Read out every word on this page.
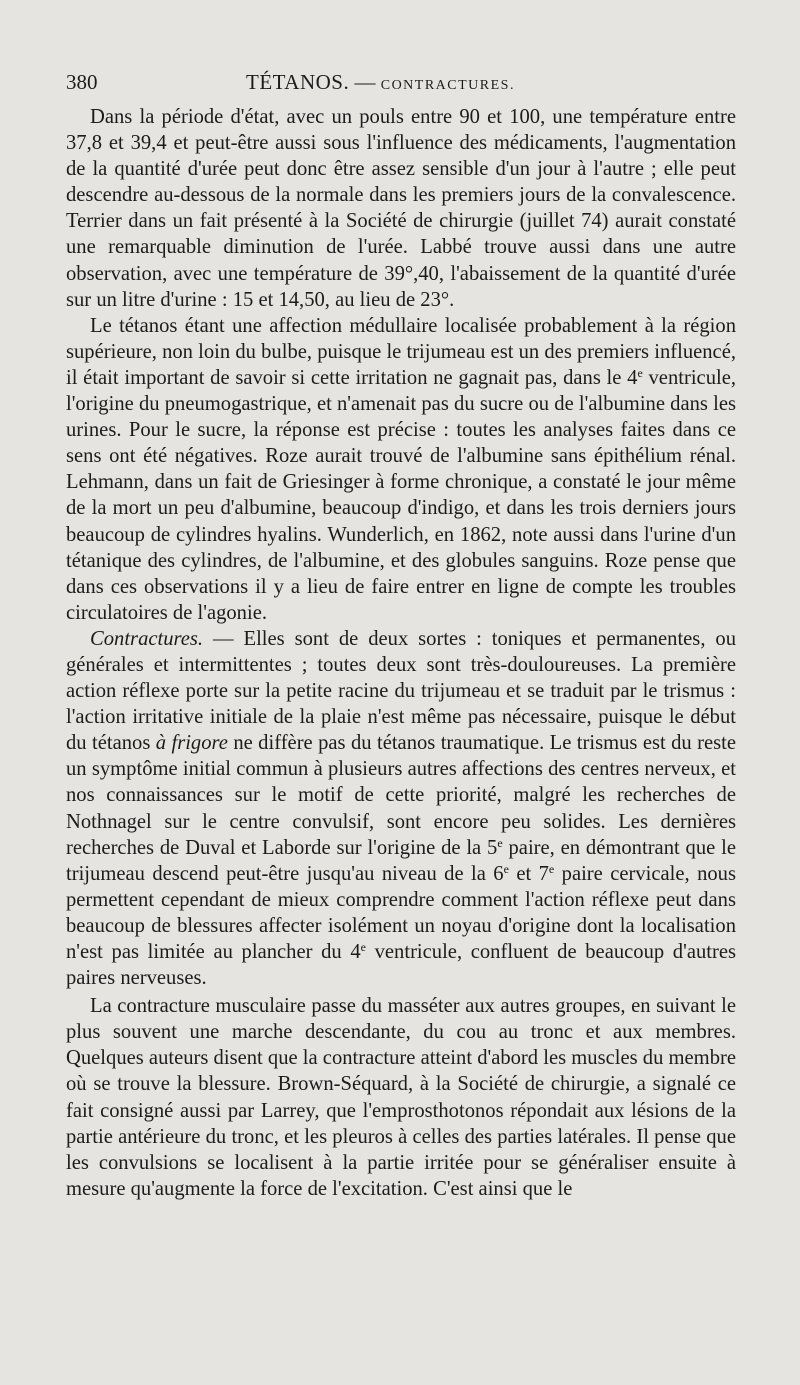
380	TÉTANOS. — CONTRACTURES.

Dans la période d'état, avec un pouls entre 90 et 100, une température entre 37,8 et 39,4 et peut-être aussi sous l'influence des médicaments, l'augmentation de la quantité d'urée peut donc être assez sensible d'un jour à l'autre ; elle peut descendre au-dessous de la normale dans les premiers jours de la convalescence. Terrier dans un fait présenté à la Société de chirurgie (juillet 74) aurait constaté une remarquable diminution de l'urée. Labbé trouve aussi dans une autre observation, avec une température de 39°,40, l'abaissement de la quantité d'urée sur un litre d'urine : 15 et 14,50, au lieu de 23°.

Le tétanos étant une affection médullaire localisée probablement à la région supérieure, non loin du bulbe, puisque le trijumeau est un des premiers influencé, il était important de savoir si cette irritation ne gagnait pas, dans le 4e ventricule, l'origine du pneumogastrique, et n'amenait pas du sucre ou de l'albumine dans les urines. Pour le sucre, la réponse est précise : toutes les analyses faites dans ce sens ont été négatives. Roze aurait trouvé de l'albumine sans épithélium rénal. Lehmann, dans un fait de Griesinger à forme chronique, a constaté le jour même de la mort un peu d'albumine, beaucoup d'indigo, et dans les trois derniers jours beaucoup de cylindres hyalins. Wunderlich, en 1862, note aussi dans l'urine d'un tétanique des cylindres, de l'albumine, et des globules sanguins. Roze pense que dans ces observations il y a lieu de faire entrer en ligne de compte les troubles circulatoires de l'agonie.

Contractures. — Elles sont de deux sortes : toniques et permanentes, ou générales et intermittentes ; toutes deux sont très-douloureuses. La première action réflexe porte sur la petite racine du trijumeau et se traduit par le trismus : l'action irritative initiale de la plaie n'est même pas nécessaire, puisque le début du tétanos à frigore ne diffère pas du tétanos traumatique. Le trismus est du reste un symptôme initial commun à plusieurs autres affections des centres nerveux, et nos connaissances sur le motif de cette priorité, malgré les recherches de Nothnagel sur le centre convulsif, sont encore peu solides. Les dernières recherches de Duval et Laborde sur l'origine de la 5e paire, en démontrant que le trijumeau descend peut-être jusqu'au niveau de la 6e et 7e paire cervicale, nous permettent cependant de mieux comprendre comment l'action réflexe peut dans beaucoup de blessures affecter isolément un noyau d'origine dont la localisation n'est pas limitée au plancher du 4e ventricule, confluent de beaucoup d'autres paires nerveuses.

La contracture musculaire passe du masséter aux autres groupes, en suivant le plus souvent une marche descendante, du cou au tronc et aux membres. Quelques auteurs disent que la contracture atteint d'abord les muscles du membre où se trouve la blessure. Brown-Séquard, à la Société de chirurgie, a signalé ce fait consigné aussi par Larrey, que l'emprosthotonos répondait aux lésions de la partie antérieure du tronc, et les pleuros à celles des parties latérales. Il pense que les convulsions se localisent à la partie irritée pour se généraliser ensuite à mesure qu'augmente la force de l'excitation. C'est ainsi que le
